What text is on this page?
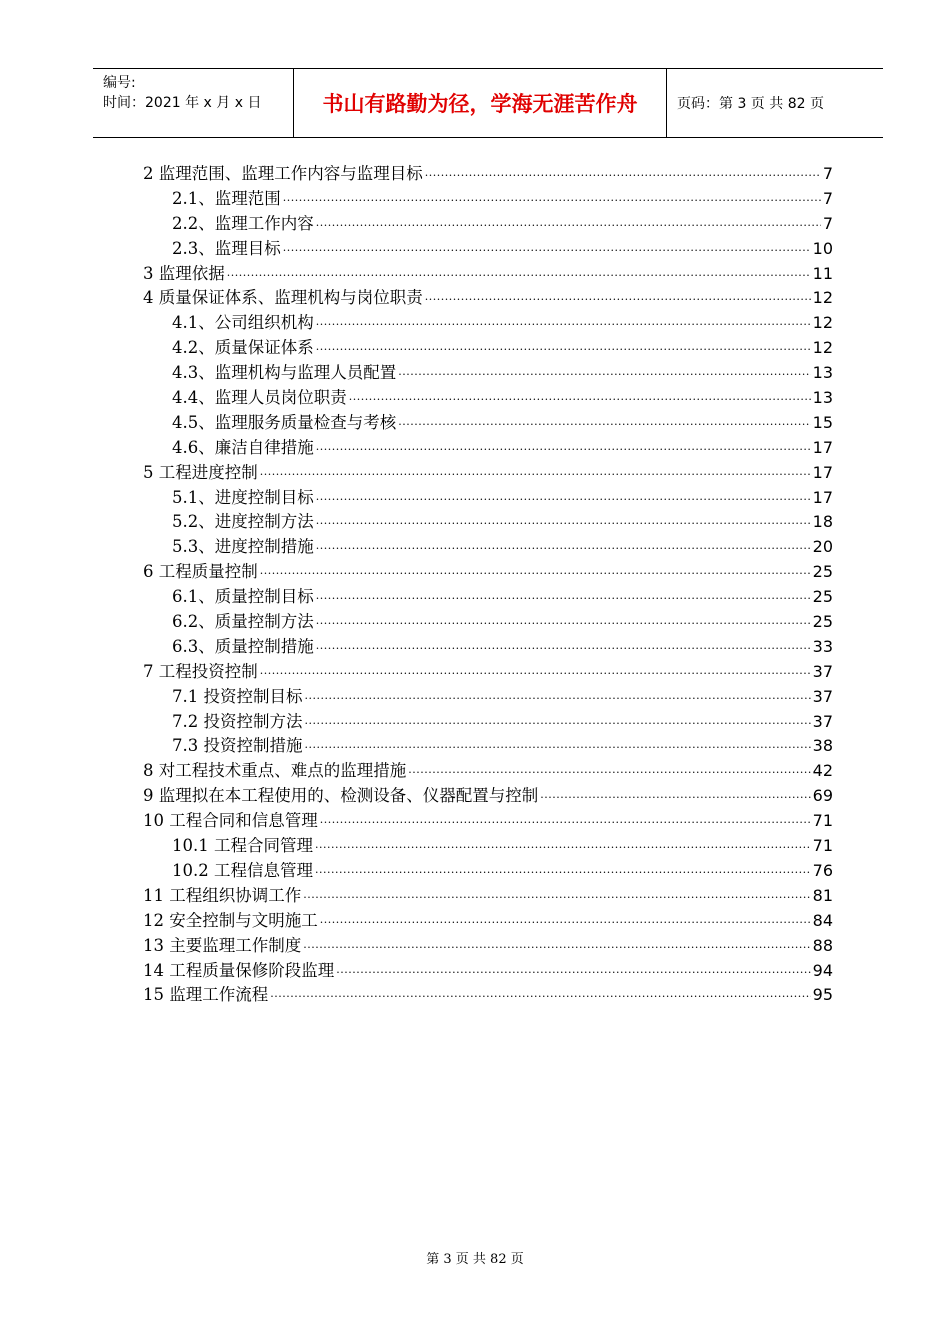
编号:
时间：2021 年 x 月 x 日	书山有路勤为径，学海无涯苦作舟	页码：第 3 页 共 82 页
2 监理范围、监理工作内容与监理目标 ·····	7
2.1、监理范围 ·····	7
2.2、监理工作内容 ·····	7
2.3、监理目标 ·····	10
3 监理依据 ·····	11
4 质量保证体系、监理机构与岗位职责 ·····	12
4.1、公司组织机构 ·····	12
4.2、质量保证体系 ·····	12
4.3、监理机构与监理人员配置 ·····	13
4.4、监理人员岗位职责 ·····	13
4.5、监理服务质量检查与考核 ·····	15
4.6、廉洁自律措施 ·····	17
5 工程进度控制 ·····	17
5.1、进度控制目标 ·····	17
5.2、进度控制方法 ·····	18
5.3、进度控制措施 ·····	20
6 工程质量控制 ·····	25
6.1、质量控制目标 ·····	25
6.2、质量控制方法 ·····	25
6.3、质量控制措施 ·····	33
7 工程投资控制 ·····	37
7.1 投资控制目标 ·····	37
7.2 投资控制方法 ·····	37
7.3 投资控制措施 ·····	38
8 对工程技术重点、难点的监理措施 ·····	42
9 监理拟在本工程使用的、检测设备、仪器配置与控制 ·····	69
10 工程合同和信息管理 ·····	71
10.1 工程合同管理 ·····	71
10.2 工程信息管理 ·····	76
11 工程组织协调工作 ·····	81
12 安全控制与文明施工 ·····	84
13 主要监理工作制度 ·····	88
14 工程质量保修阶段监理 ·····	94
15 监理工作流程 ·····	95
第 3 页 共 82 页
